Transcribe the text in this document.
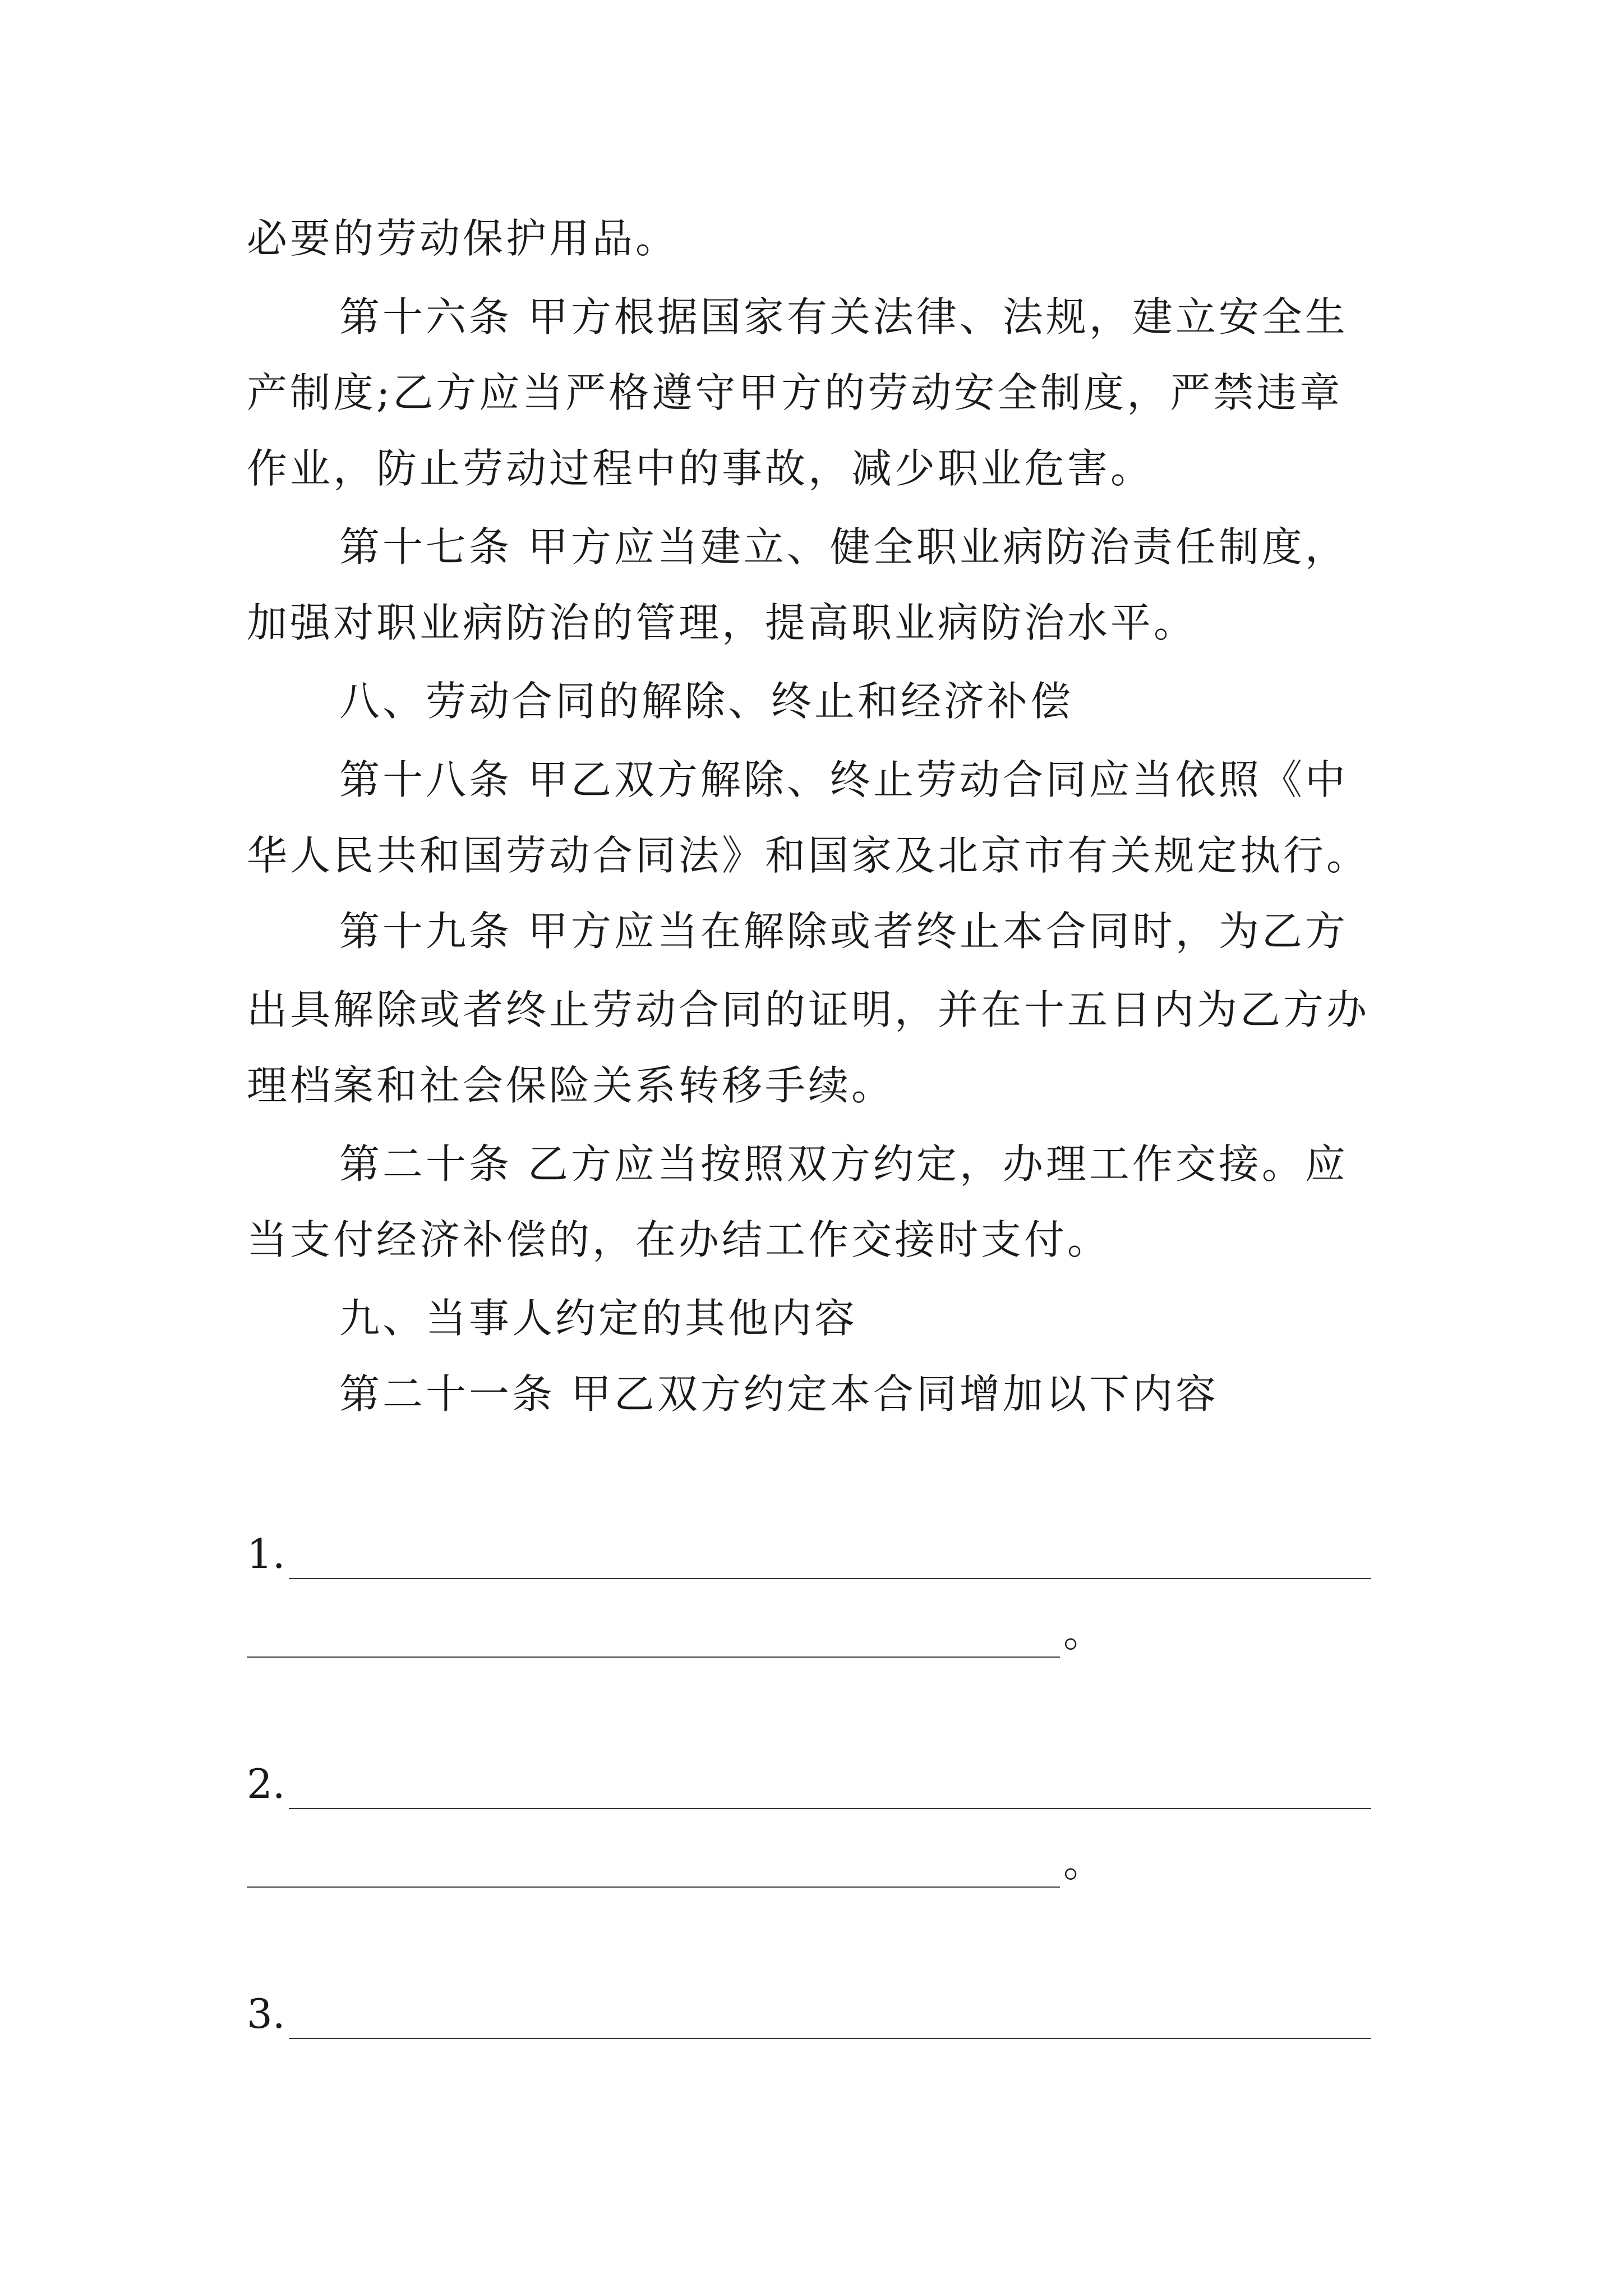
必要的劳动保护用品。
第十六条 甲方根据国家有关法律、法规，建立安全生
产制度;乙方应当严格遵守甲方的劳动安全制度，严禁违章
作业，防止劳动过程中的事故，减少职业危害。
第十七条 甲方应当建立、健全职业病防治责任制度，
加强对职业病防治的管理，提高职业病防治水平。
八、劳动合同的解除、终止和经济补偿
第十八条 甲乙双方解除、终止劳动合同应当依照《中
华人民共和国劳动合同法》和国家及北京市有关规定执行。
第十九条 甲方应当在解除或者终止本合同时，为乙方
出具解除或者终止劳动合同的证明，并在十五日内为乙方办
理档案和社会保险关系转移手续。
第二十条 乙方应当按照双方约定，办理工作交接。应
当支付经济补偿的，在办结工作交接时支付。
九、当事人约定的其他内容
第二十一条 甲乙双方约定本合同增加以下内容
1.
。
2.
。
3.
